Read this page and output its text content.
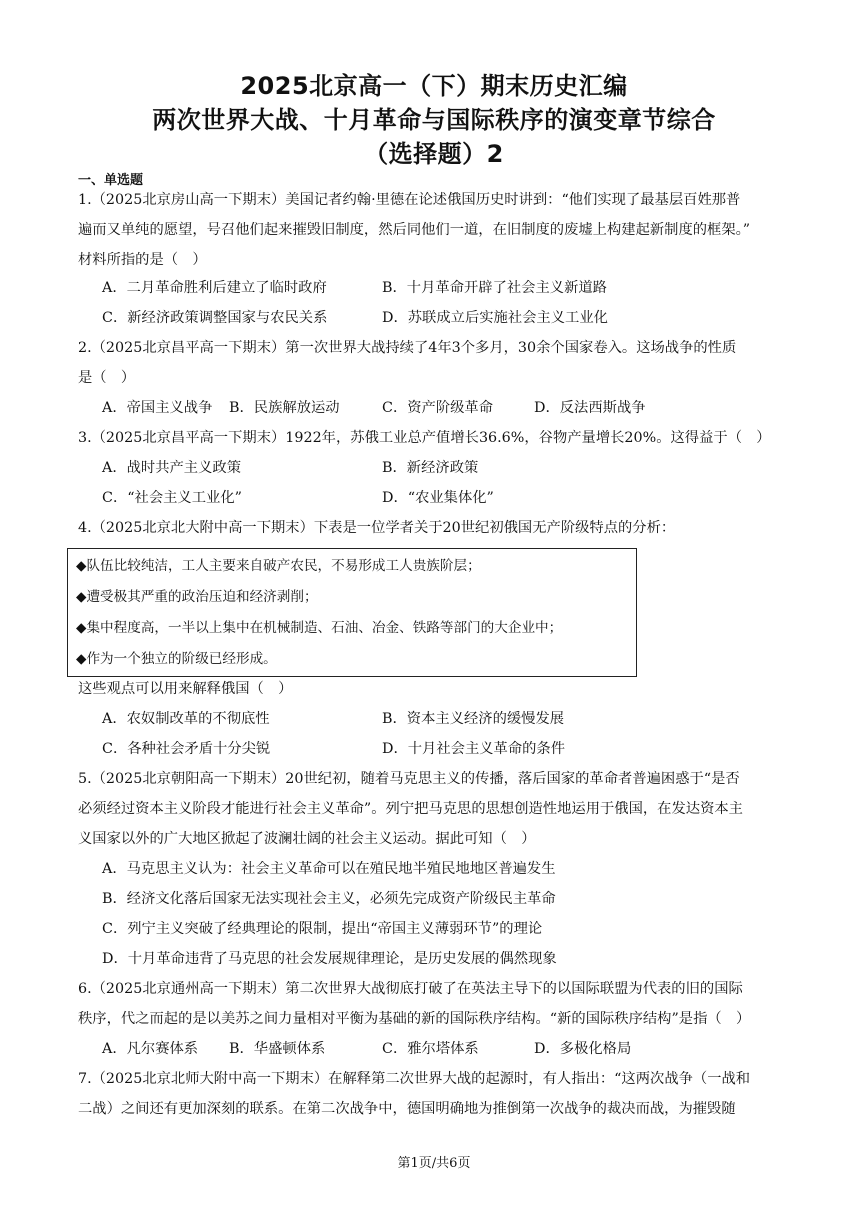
2025北京高一（下）期末历史汇编
两次世界大战、十月革命与国际秩序的演变章节综合
（选择题）2
一、单选题
1.（2025北京房山高一下期末）美国记者约翰·里德在论述俄国历史时讲到：“他们实现了最基层百姓那普
遍而又单纯的愿望，号召他们起来摧毁旧制度，然后同他们一道，在旧制度的废墟上构建起新制度的框架。”
材料所指的是（　）
A．二月革命胜利后建立了临时政府	B．十月革命开辟了社会主义新道路
C．新经济政策调整国家与农民关系	D．苏联成立后实施社会主义工业化
2.（2025北京昌平高一下期末）第一次世界大战持续了4年3个多月，30余个国家卷入。这场战争的性质
是（　）
A．帝国主义战争 B．民族解放运动	C．资产阶级革命	D．反法西斯战争
3.（2025北京昌平高一下期末）1922年，苏俄工业总产值增长36.6%，谷物产量增长20%。这得益于（　）
A．战时共产主义政策	B．新经济政策
C．“社会主义工业化”	D．“农业集体化”
4.（2025北京北大附中高一下期末）下表是一位学者关于20世纪初俄国无产阶级特点的分析：
◆队伍比较纯洁，工人主要来自破产农民，不易形成工人贵族阶层；
◆遭受极其严重的政治压迫和经济剥削；
◆集中程度高，一半以上集中在机械制造、石油、冶金、铁路等部门的大企业中；
◆作为一个独立的阶级已经形成。
这些观点可以用来解释俄国（　）
A．农奴制改革的不彻底性	B．资本主义经济的缓慢发展
C．各种社会矛盾十分尖锐	D．十月社会主义革命的条件
5.（2025北京朝阳高一下期末）20世纪初，随着马克思主义的传播，落后国家的革命者普遍困惑于“是否
必须经过资本主义阶段才能进行社会主义革命”。列宁把马克思的思想创造性地运用于俄国，在发达资本主
义国家以外的广大地区掀起了波澜壮阔的社会主义运动。据此可知（　）
A．马克思主义认为：社会主义革命可以在殖民地半殖民地地区普遍发生
B．经济文化落后国家无法实现社会主义，必须先完成资产阶级民主革命
C．列宁主义突破了经典理论的限制，提出“帝国主义薄弱环节”的理论
D．十月革命违背了马克思的社会发展规律理论，是历史发展的偶然现象
6.（2025北京通州高一下期末）第二次世界大战彻底打破了在英法主导下的以国际联盟为代表的旧的国际
秩序，代之而起的是以美苏之间力量相对平衡为基础的新的国际秩序结构。“新的国际秩序结构”是指（　）
A．凡尔赛体系 B．华盛顿体系	C．雅尔塔体系	D．多极化格局
7.（2025北京北师大附中高一下期末）在解释第二次世界大战的起源时，有人指出：“这两次战争（一战和
二战）之间还有更加深刻的联系。在第二次战争中，德国明确地为推倒第一次战争的裁决而战，为摧毁随
第1页/共6页
